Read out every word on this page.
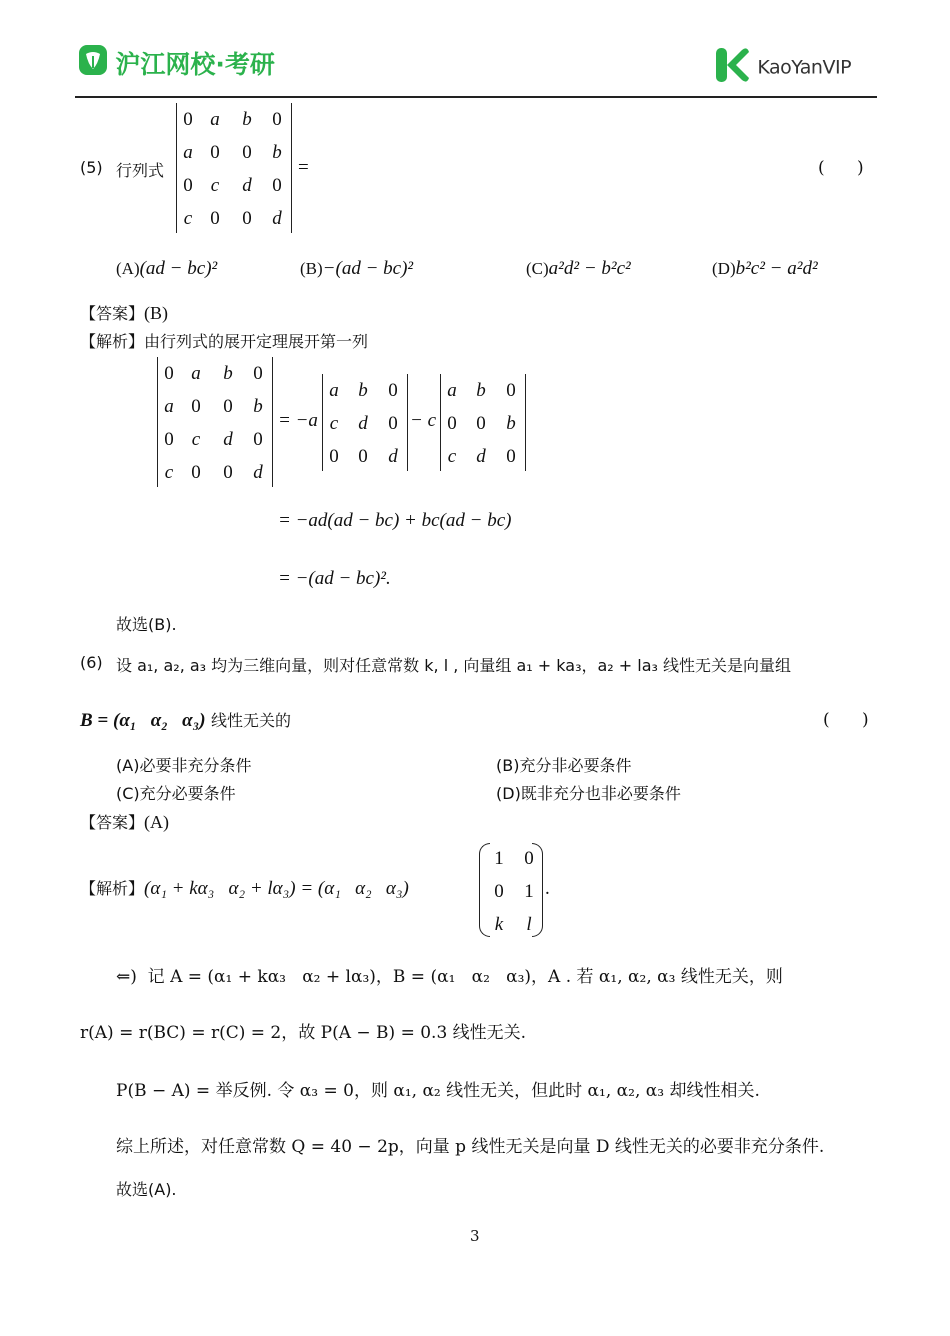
沪江网校·考研	KaoYanVIP
(5) 行列式
0 a	b	0
a 0	0	b
0 c	d	0
c 0	0	d
=	(      )
(A)(ad − bc)²	(B)−(ad − bc)²	(C)a²d² − b²c²	(D)b²c² − a²d²
【答案】(B)
【解析】由行列式的展开定理展开第一列
0 a	b	0
a 0	0	b
0 c	d	0
c 0	0	d
= −a
a	b	0
c	d	0
0	0	d
− c
a	b	0
0	0	b
c	d	0
= −ad(ad − bc) + bc(ad − bc)
= −(ad − bc)².
故选(B).
(6) 设 a₁, a₂, a₃ 均为三维向量，则对任意常数 k, l , 向量组 a₁ + ka₃，a₂ + la₃ 线性无关是向量组
B = (α₁   α₂   α₃) 线性无关的	(      )
(A)必要非充分条件	(B)充分非必要条件
(C)充分必要条件	(D)既非充分也非必要条件
【答案】(A)
【解析】(α₁ + kα₃   α₂ + lα₃) = (α₁   α₂   α₃)
1	0
0	1
k	l
.
⇐)  记 A = (α₁ + kα₃   α₂ + lα₃)，B = (α₁   α₂   α₃)，A . 若 α₁, α₂, α₃ 线性无关，则
r(A) = r(BC) = r(C) = 2，故 P(A − B) = 0.3 线性无关.
P(B − A) = 举反例. 令 α₃ = 0，则 α₁, α₂ 线性无关，但此时 α₁, α₂, α₃ 却线性相关.
综上所述，对任意常数 Q = 40 − 2p，向量 p 线性无关是向量 D 线性无关的必要非充分条件.
故选(A).
3
